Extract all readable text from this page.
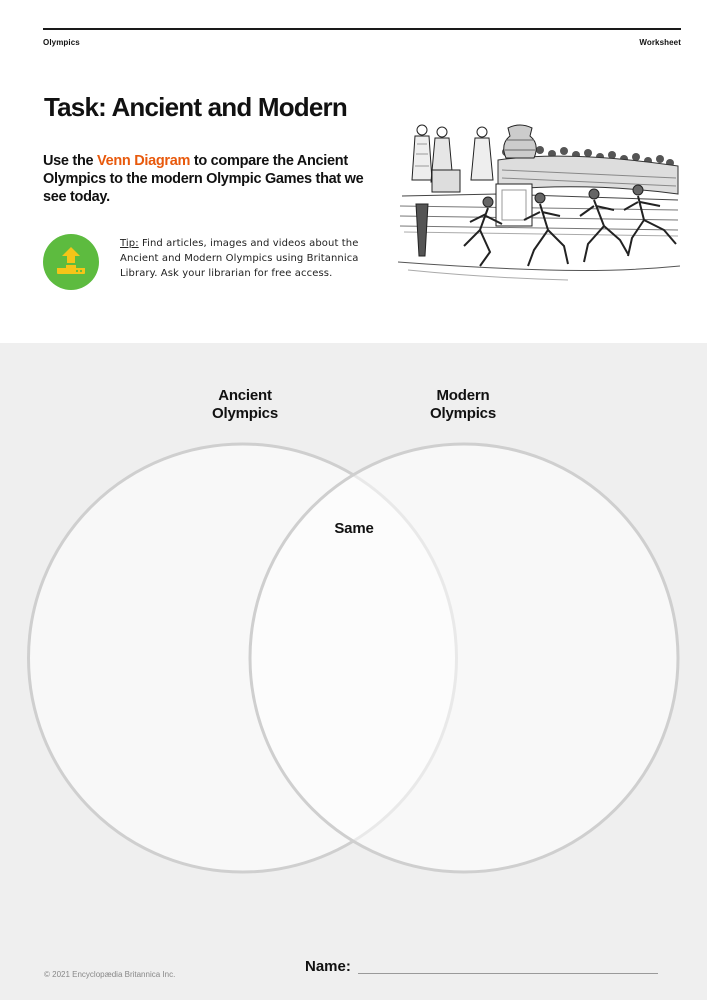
Olympics	Worksheet
Task: Ancient and Modern
Use the Venn Diagram to compare the Ancient Olympics to the modern Olympic Games that we see today.
Tip: Find articles, images and videos about the Ancient and Modern Olympics using Britannica Library. Ask your librarian for free access.
Ancient
Olympics
Modern
Olympics
Same
© 2021 Encyclopædia Britannica Inc.	Name:
